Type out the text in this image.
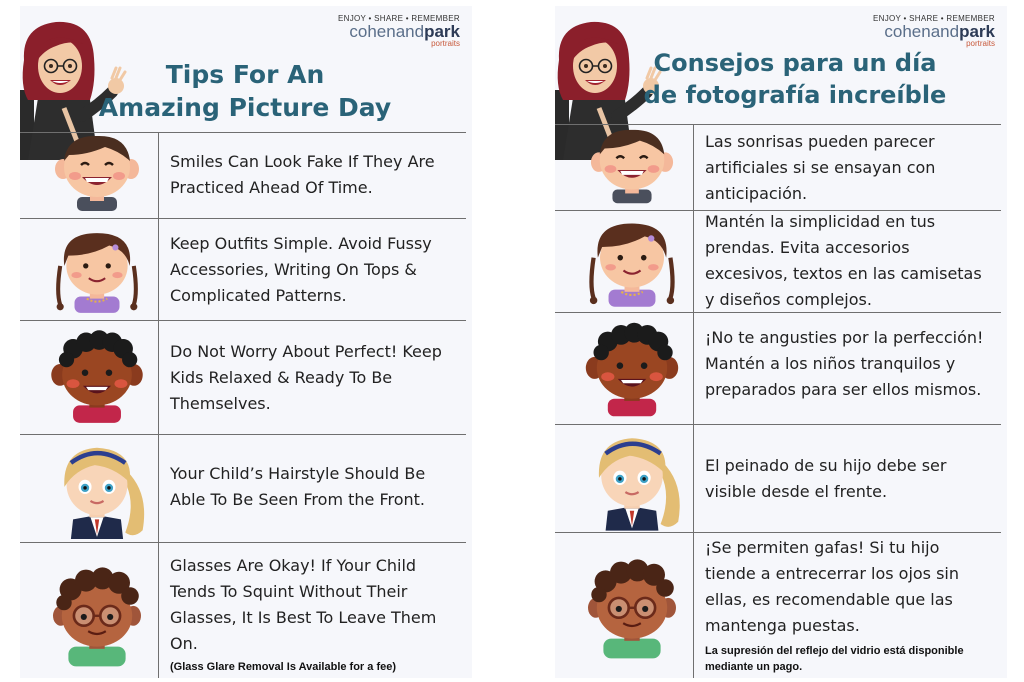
ENJOY • SHARE • REMEMBER
cohenandpark
portraits
Tips For An
Amazing Picture Day
Smiles Can Look Fake If They Are Practiced Ahead Of Time.
Keep Outfits Simple. Avoid Fussy Accessories, Writing On Tops & Complicated Patterns.
Do Not Worry About Perfect! Keep Kids Relaxed & Ready To Be Themselves.
Your Child’s Hairstyle Should Be Able To Be Seen From the Front.
Glasses Are Okay! If Your Child Tends To Squint Without Their Glasses, It Is Best To Leave Them On.
(Glass Glare Removal Is Available for a fee)
ENJOY • SHARE • REMEMBER
cohenandpark
portraits
Consejos para un día
de fotografía increíble
Las sonrisas pueden parecer artificiales si se ensayan con anticipación.
Mantén la simplicidad en tus prendas. Evita accesorios excesivos, textos en las camisetas y diseños complejos.
¡No te angusties por la perfección! Mantén a los niños tranquilos y preparados para ser ellos mismos.
El peinado de su hijo debe ser visible desde el frente.
¡Se permiten gafas! Si tu hijo tiende a entrecerrar los ojos sin ellas, es recomendable que las mantenga puestas.
La supresión del reflejo del vidrio está disponible mediante un pago.
